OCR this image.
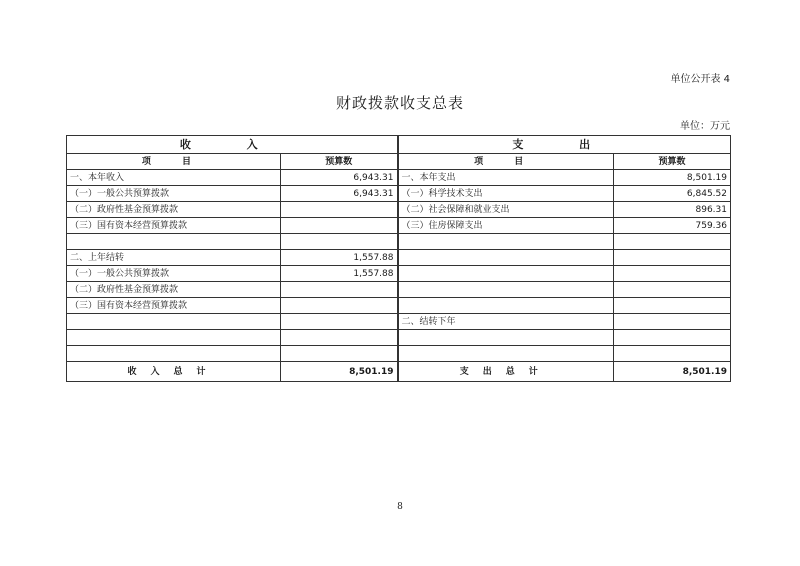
单位公开表 4
财政拨款收支总表
单位：万元
收 入		支 出	
项 目	预算数	项 目	预算数
一、本年收入	6,943.31	一、本年支出	8,501.19
（一）一般公共预算拨款	6,943.31	（一）科学技术支出	6,845.52
（二）政府性基金预算拨款		（二）社会保障和就业支出	896.31
（三）国有资本经营预算拨款		（三）住房保障支出	759.36

二、上年结转	1,557.88		
（一）一般公共预算拨款	1,557.88		
（二）政府性基金预算拨款			
（三）国有资本经营预算拨款			
		二、结转下年	

收入总计	8,501.19	支出总计	8,501.19
8
